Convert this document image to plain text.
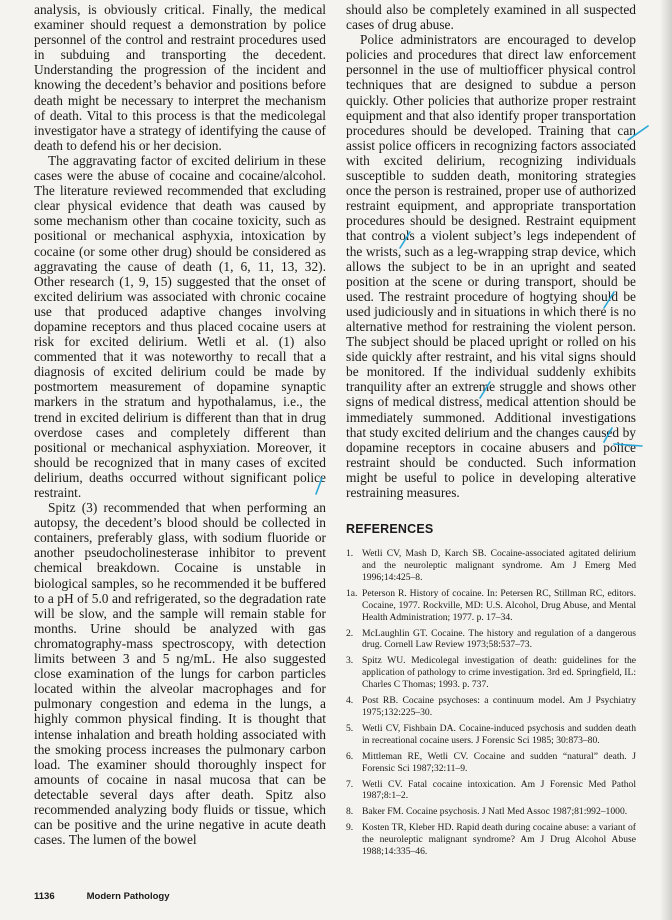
analysis, is obviously critical. Finally, the medical examiner should request a demonstration by police personnel of the control and restraint procedures used in subduing and transporting the decedent. Understanding the progression of the incident and knowing the decedent’s behavior and positions before death might be necessary to interpret the mechanism of death. Vital to this process is that the medicolegal investigator have a strategy of identifying the cause of death to defend his or her decision.

The aggravating factor of excited delirium in these cases were the abuse of cocaine and cocaine/alcohol. The literature reviewed recommended that excluding clear physical evidence that death was caused by some mechanism other than cocaine toxicity, such as positional or mechanical asphyxia, intoxication by cocaine (or some other drug) should be considered as aggravating the cause of death (1, 6, 11, 13, 32). Other research (1, 9, 15) suggested that the onset of excited delirium was associated with chronic cocaine use that produced adaptive changes involving dopamine receptors and thus placed cocaine users at risk for excited delirium. Wetli et al. (1) also commented that it was noteworthy to recall that a diagnosis of excited delirium could be made by postmortem measurement of dopamine synaptic markers in the stratum and hypothalamus, i.e., the trend in excited delirium is different than that in drug overdose cases and completely different than positional or mechanical asphyxiation. Moreover, it should be recognized that in many cases of excited delirium, deaths occurred without significant police restraint.

Spitz (3) recommended that when performing an autopsy, the decedent’s blood should be collected in containers, preferably glass, with sodium fluoride or another pseudocholinesterase inhibitor to prevent chemical breakdown. Cocaine is unstable in biological samples, so he recommended it be buffered to a pH of 5.0 and refrigerated, so the degradation rate will be slow, and the sample will remain stable for months. Urine should be analyzed with gas chromatography-mass spectroscopy, with detection limits between 3 and 5 ng/mL. He also suggested close examination of the lungs for carbon particles located within the alveolar macrophages and for pulmonary congestion and edema in the lungs, a highly common physical finding. It is thought that intense inhalation and breath holding associated with the smoking process increases the pulmonary carbon load. The examiner should thoroughly inspect for amounts of cocaine in nasal mucosa that can be detectable several days after death. Spitz also recommended analyzing body fluids or tissue, which can be positive and the urine negative in acute death cases. The lumen of the bowel

should also be completely examined in all suspected cases of drug abuse.

Police administrators are encouraged to develop policies and procedures that direct law enforcement personnel in the use of multiofficer physical control techniques that are designed to subdue a person quickly. Other policies that authorize proper restraint equipment and that also identify proper transportation procedures should be developed. Training that can assist police officers in recognizing factors associated with excited delirium, recognizing individuals susceptible to sudden death, monitoring strategies once the person is restrained, proper use of authorized restraint equipment, and appropriate transportation procedures should be designed. Restraint equipment that controls a violent subject’s legs independent of the wrists, such as a leg-wrapping strap device, which allows the subject to be in an upright and seated position at the scene or during transport, should be used. The restraint procedure of hogtying should be used judiciously and in situations in which there is no alternative method for restraining the violent person. The subject should be placed upright or rolled on his side quickly after restraint, and his vital signs should be monitored. If the individual suddenly exhibits tranquility after an extreme struggle and shows other signs of medical distress, medical attention should be immediately summoned. Additional investigations that study excited delirium and the changes caused by dopamine receptors in cocaine abusers and police restraint should be conducted. Such information might be useful to police in developing alterative restraining measures.

REFERENCES
1. Wetli CV, Mash D, Karch SB. Cocaine-associated agitated delirium and the neuroleptic malignant syndrome. Am J Emerg Med 1996;14:425–8.
1a. Peterson R. History of cocaine. In: Petersen RC, Stillman RC, editors. Cocaine, 1977. Rockville, MD: U.S. Alcohol, Drug Abuse, and Mental Health Administration; 1977. p. 17–34.
2. McLaughlin GT. Cocaine. The history and regulation of a dangerous drug. Cornell Law Review 1973;58:537–73.
3. Spitz WU. Medicolegal investigation of death: guidelines for the application of pathology to crime investigation. 3rd ed. Springfield, IL: Charles C Thomas; 1993. p. 737.
4. Post RB. Cocaine psychoses: a continuum model. Am J Psychiatry 1975;132:225–30.
5. Wetli CV, Fishbain DA. Cocaine-induced psychosis and sudden death in recreational cocaine users. J Forensic Sci 1985; 30:873–80.
6. Mittleman RE, Wetli CV. Cocaine and sudden “natural” death. J Forensic Sci 1987;32:11–9.
7. Wetli CV. Fatal cocaine intoxication. Am J Forensic Med Pathol 1987;8:1–2.
8. Baker FM. Cocaine psychosis. J Natl Med Assoc 1987;81:992–1000.
9. Kosten TR, Kleber HD. Rapid death during cocaine abuse: a variant of the neuroleptic malignant syndrome? Am J Drug Alcohol Abuse 1988;14:335–46.
1136	Modern Pathology
